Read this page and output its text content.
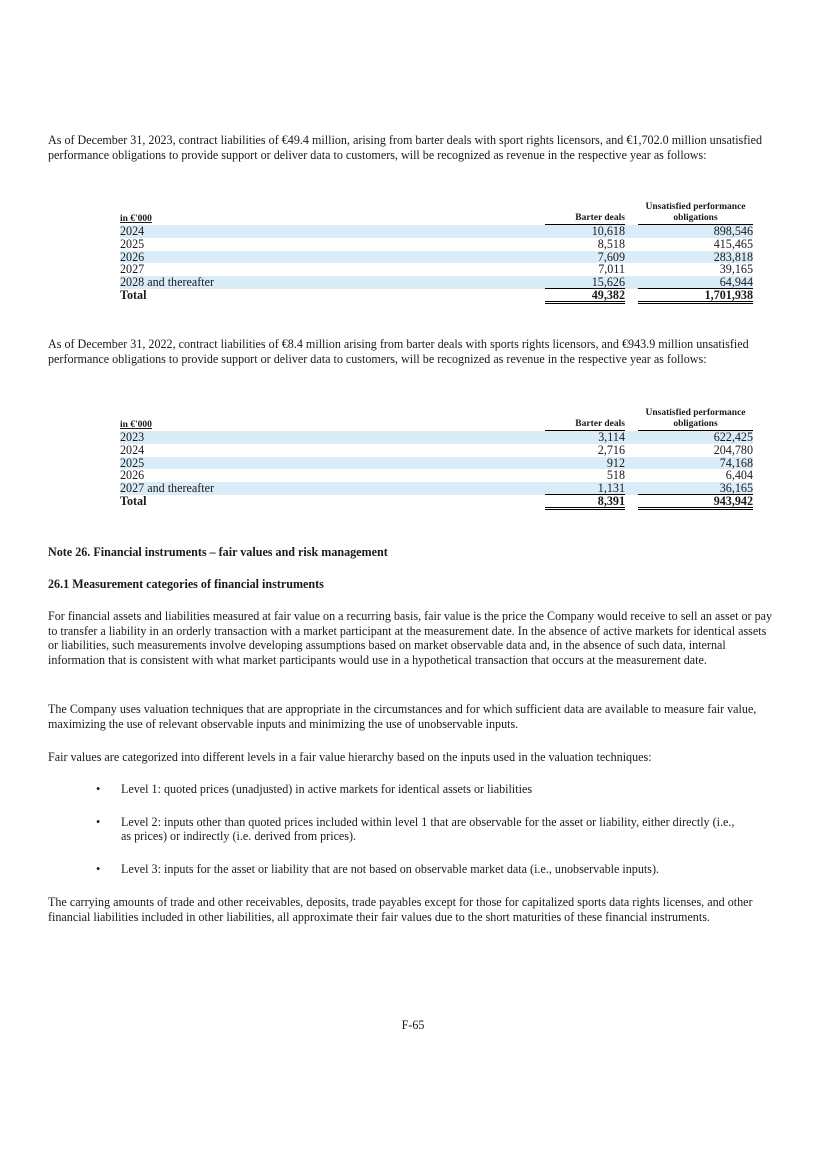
As of December 31, 2023, contract liabilities of €49.4 million, arising from barter deals with sport rights licensors, and €1,702.0 million unsatisfied performance obligations to provide support or deliver data to customers, will be recognized as revenue in the respective year as follows:

in €'000	Barter deals
Unsatisfied performance
obligations
2024	10,618	898,546
2025	8,518	415,465
2026	7,609	283,818
2027	7,011	39,165
2028 and thereafter	15,626	64,944
Total	49,382	1,701,938

As of December 31, 2022, contract liabilities of €8.4 million arising from barter deals with sports rights licensors, and €943.9 million unsatisfied performance obligations to provide support or deliver data to customers, will be recognized as revenue in the respective year as follows:

in €'000	Barter deals
Unsatisfied performance
obligations
2023	3,114	622,425
2024	2,716	204,780
2025	912	74,168
2026	518	6,404
2027 and thereafter	1,131	36,165
Total	8,391	943,942
Note 26. Financial instruments – fair values and risk management
26.1 Measurement categories of financial instruments

For financial assets and liabilities measured at fair value on a recurring basis, fair value is the price the Company would receive to sell an asset or pay to transfer a liability in an orderly transaction with a market participant at the measurement date. In the absence of active markets for identical assets or liabilities, such measurements involve developing assumptions based on market observable data and, in the absence of such data, internal information that is consistent with what market participants would use in a hypothetical transaction that occurs at the measurement date.

The Company uses valuation techniques that are appropriate in the circumstances and for which sufficient data are available to measure fair value, maximizing the use of relevant observable inputs and minimizing the use of unobservable inputs.

Fair values are categorized into different levels in a fair value hierarchy based on the inputs used in the valuation techniques:

• Level 1: quoted prices (unadjusted) in active markets for identical assets or liabilities
• Level 2: inputs other than quoted prices included within level 1 that are observable for the asset or liability, either directly (i.e., as prices) or indirectly (i.e. derived from prices).
• Level 3: inputs for the asset or liability that are not based on observable market data (i.e., unobservable inputs).

The carrying amounts of trade and other receivables, deposits, trade payables except for those for capitalized sports data rights licenses, and other financial liabilities included in other liabilities, all approximate their fair values due to the short maturities of these financial instruments.

F-65
